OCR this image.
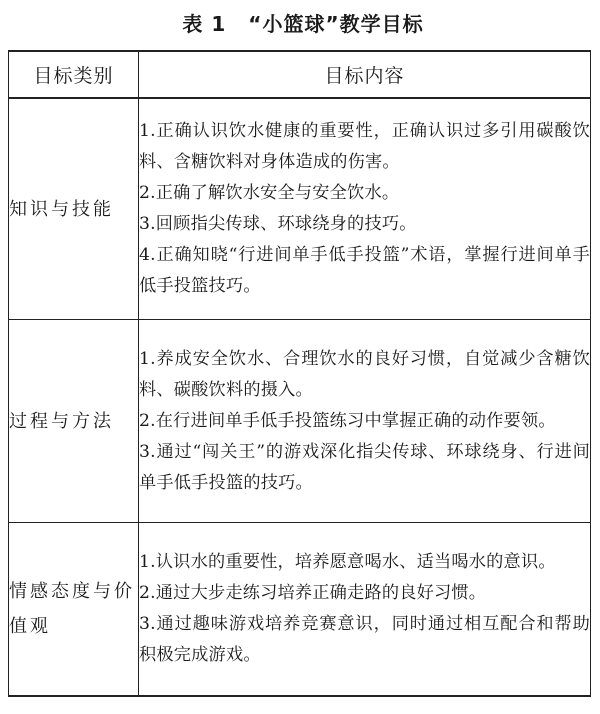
表 1 “小篮球”教学目标
目标类别	目标内容
知识与技能	1.正确认识饮水健康的重要性，正确认识过多引用碳酸饮料、含糖饮料对身体造成的伤害。
2.正确了解饮水安全与安全饮水。
3.回顾指尖传球、环球绕身的技巧。
4.正确知晓“行进间单手低手投篮”术语，掌握行进间单手低手投篮技巧。

过程与方法	1.养成安全饮水、合理饮水的良好习惯，自觉减少含糖饮料、碳酸饮料的摄入。
2.在行进间单手低手投篮练习中掌握正确的动作要领。
3.通过“闯关王”的游戏深化指尖传球、环球绕身、行进间单手低手投篮的技巧。

情感态度与价值观	1.认识水的重要性，培养愿意喝水、适当喝水的意识。
2.通过大步走练习培养正确走路的良好习惯。
3.通过趣味游戏培养竞赛意识，同时通过相互配合和帮助积极完成游戏。
